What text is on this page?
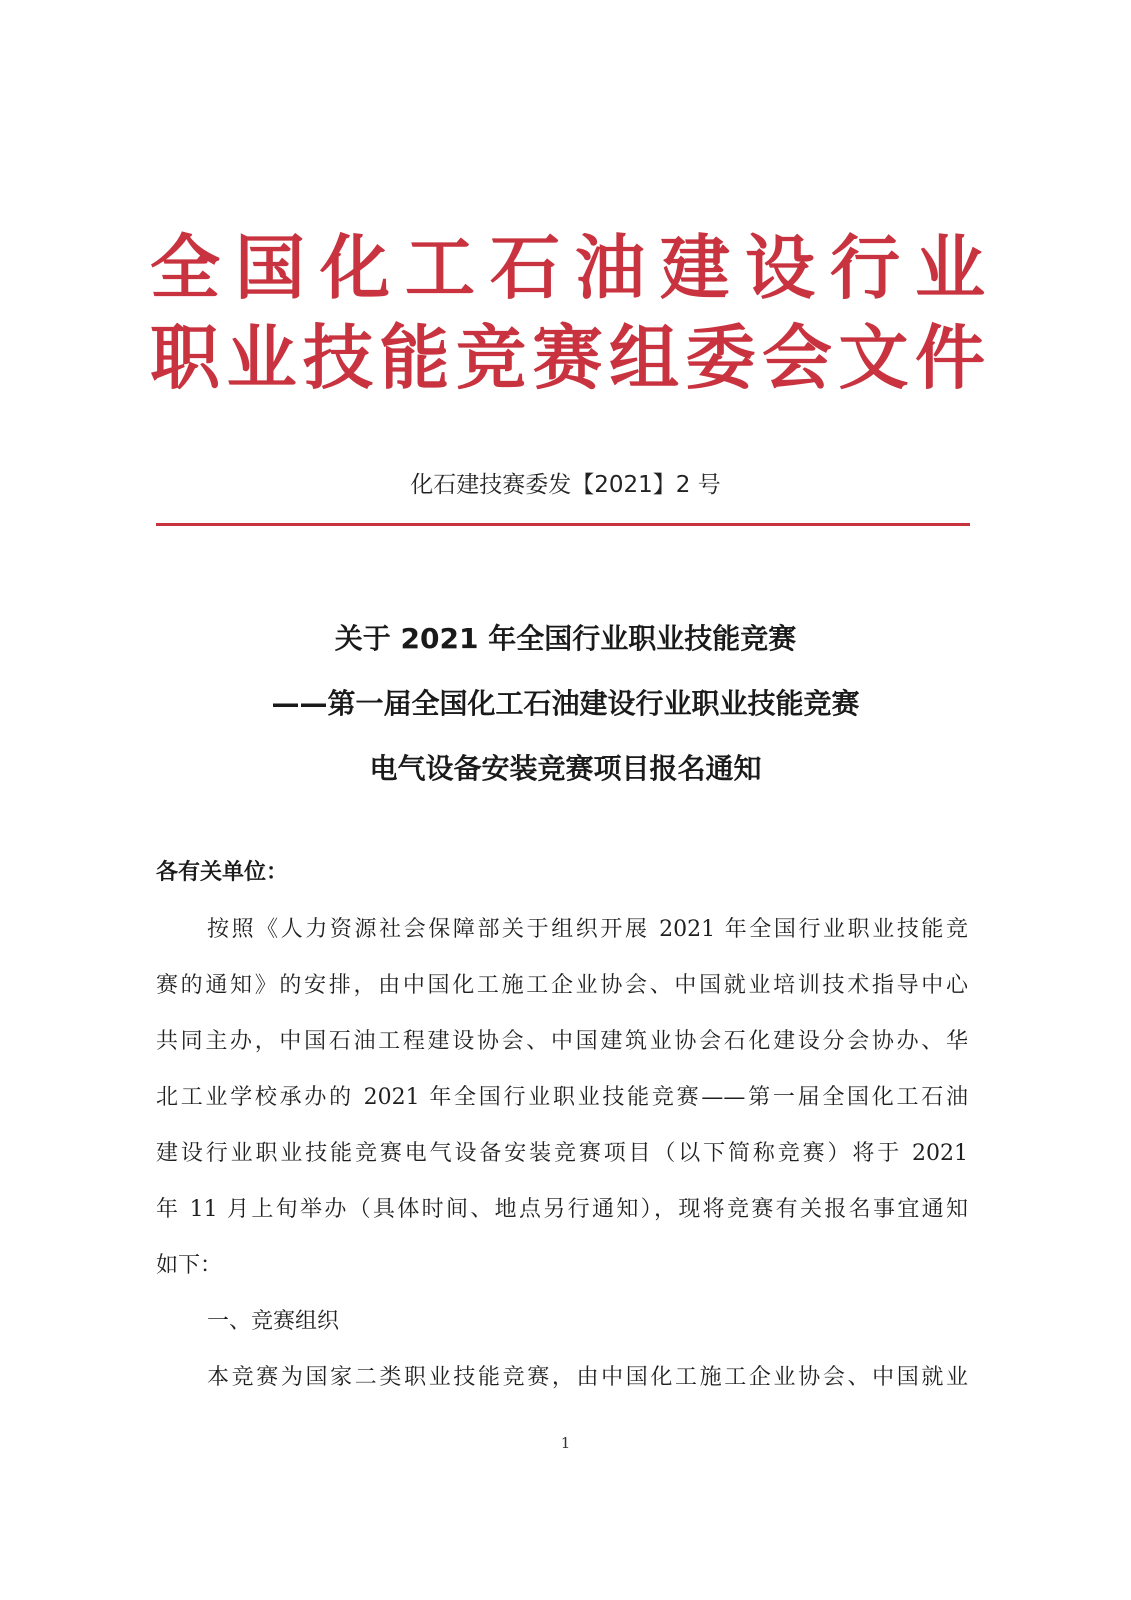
全国化工石油建设行业
职业技能竞赛组委会文件
化石建技赛委发【2021】2 号
关于 2021 年全国行业职业技能竞赛
——第一届全国化工石油建设行业职业技能竞赛
电气设备安装竞赛项目报名通知
各有关单位：
按照《人力资源社会保障部关于组织开展 2021 年全国行业职业技能竞
赛的通知》的安排，由中国化工施工企业协会、中国就业培训技术指导中心
共同主办，中国石油工程建设协会、中国建筑业协会石化建设分会协办、华
北工业学校承办的 2021 年全国行业职业技能竞赛——第一届全国化工石油
建设行业职业技能竞赛电气设备安装竞赛项目（以下简称竞赛）将于 2021
年 11 月上旬举办（具体时间、地点另行通知），现将竞赛有关报名事宜通知
如下：
一、竞赛组织
本竞赛为国家二类职业技能竞赛，由中国化工施工企业协会、中国就业
1
